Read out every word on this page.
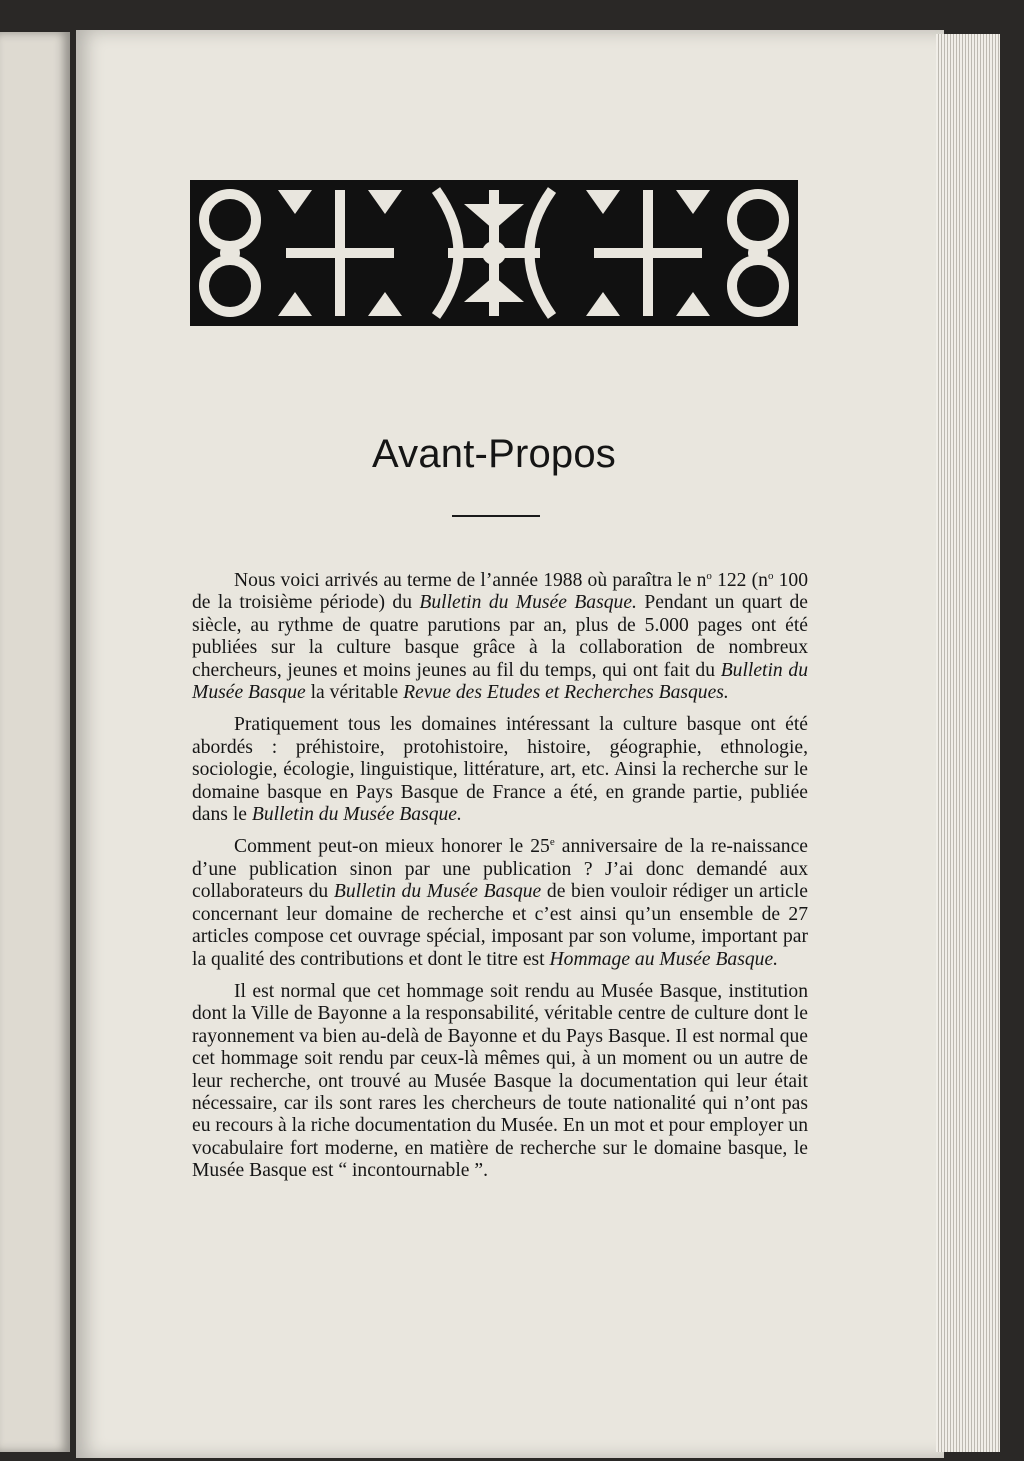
Avant-Propos

Nous voici arrivés au terme de l’année 1988 où paraîtra le $n^o$ 122 ($n^o$ 100 de la troisième période) du Bulletin du Musée Basque. Pendant un quart de siècle, au rythme de quatre parutions par an, plus de 5.000 pages ont été publiées sur la culture basque grâce à la collaboration de nombreux chercheurs, jeunes et moins jeunes au fil du temps, qui ont fait du Bulletin du Musée Basque la véritable Revue des Etudes et Recherches Basques.

Pratiquement tous les domaines intéressant la culture basque ont été abordés : préhistoire, protohistoire, histoire, géographie, ethnologie, sociologie, écologie, linguistique, littérature, art, etc. Ainsi la recherche sur le domaine basque en Pays Basque de France a été, en grande partie, publiée dans le Bulletin du Musée Basque.

Comment peut-on mieux honorer le 25e anniversaire de la re-naissance d’une publication sinon par une publication ? J’ai donc demandé aux collaborateurs du Bulletin du Musée Basque de bien vouloir rédiger un article concernant leur domaine de recherche et c’est ainsi qu’un ensemble de 27 articles compose cet ouvrage spécial, imposant par son volume, important par la qualité des contributions et dont le titre est Hommage au Musée Basque.

Il est normal que cet hommage soit rendu au Musée Basque, institution dont la Ville de Bayonne a la responsabilité, véritable centre de culture dont le rayonnement va bien au-delà de Bayonne et du Pays Basque. Il est normal que cet hommage soit rendu par ceux-là mêmes qui, à un moment ou un autre de leur recherche, ont trouvé au Musée Basque la documentation qui leur était nécessaire, car ils sont rares les chercheurs de toute nationalité qui n’ont pas eu recours à la riche documentation du Musée. En un mot et pour employer un vocabulaire fort moderne, en matière de recherche sur le domaine basque, le Musée Basque est “ incontournable ”.
